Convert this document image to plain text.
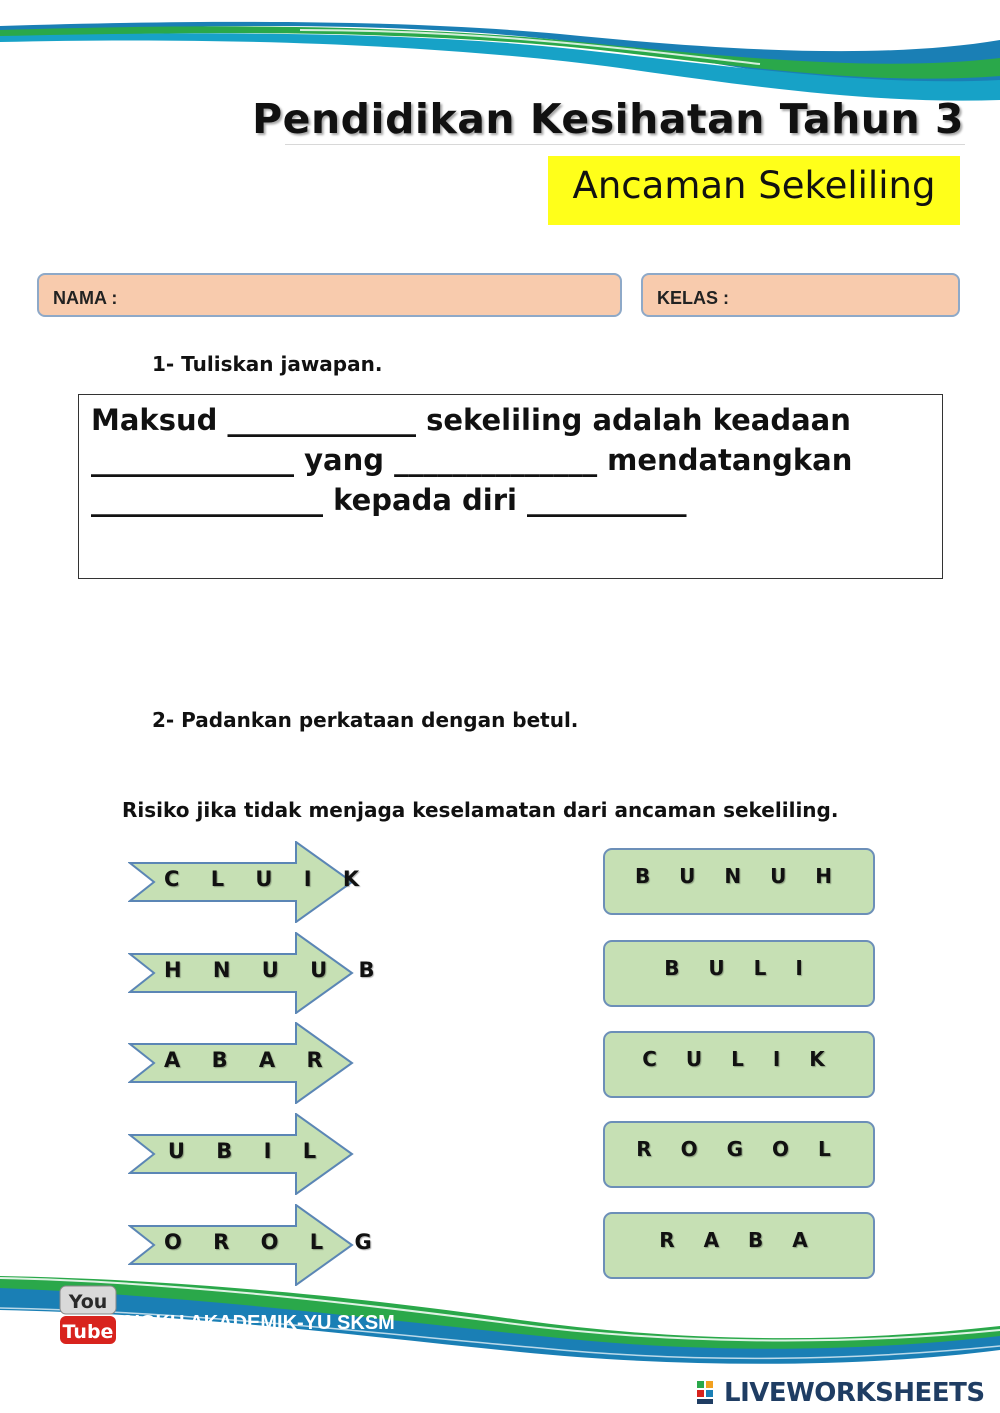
Pendidikan Kesihatan Tahun 3
Ancaman Sekeliling
NAMA :	KELAS :
1- Tuliskan jawapan.
Maksud _____________ sekeliling adalah keadaan
______________ yang ______________ mendatangkan
________________ kepada diri ___________
2- Padankan perkataan dengan betul.
Risiko jika tidak menjaga keselamatan dari ancaman sekeliling.
C L U I K
H N U U B
A B A R
U B I L
O R O L G
B U N U H
B U L I
C U L I K
R O G O L
R A B A
You
Tube CIGKU AKADEMIK-YU SKSM
LIVEWORKSHEETS
